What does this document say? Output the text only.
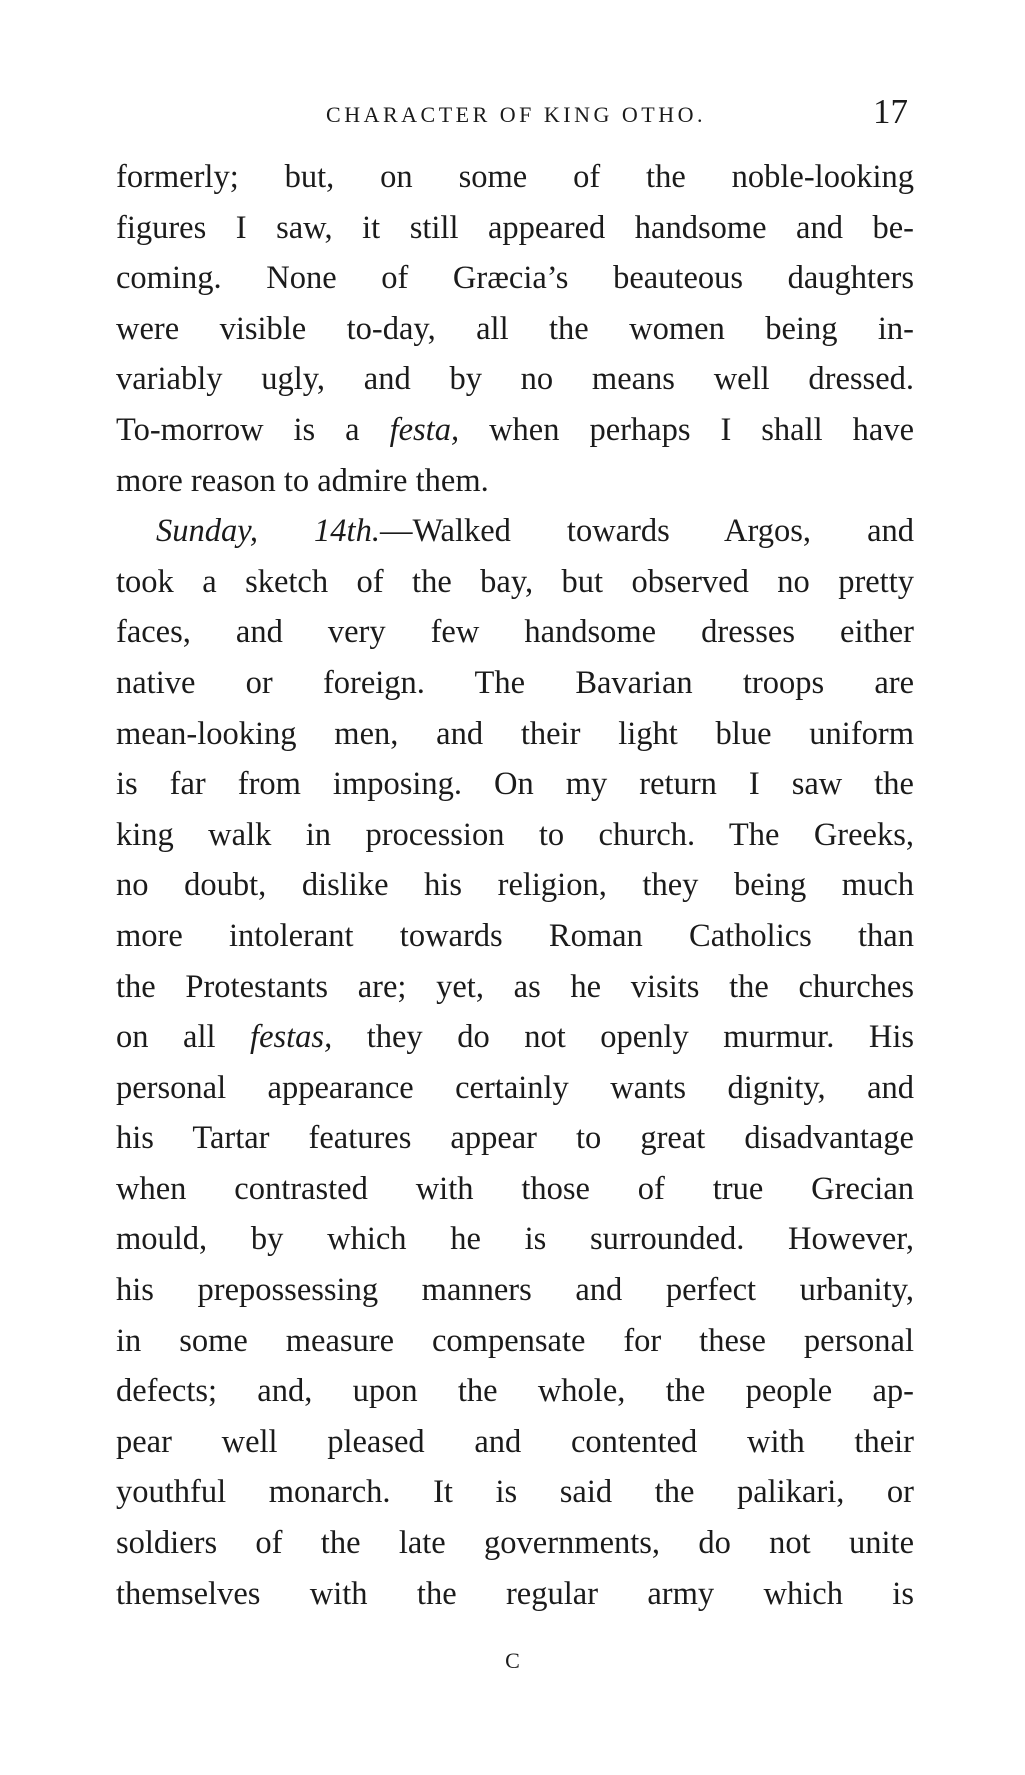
CHARACTER OF KING OTHO.	17
formerly; but, on some of the noble-looking
figures I saw, it still appeared handsome and be-
coming. None of Græcia’s beauteous daughters
were visible to-day, all the women being in-
variably ugly, and by no means well dressed.
To-morrow is a festa, when perhaps I shall have
more reason to admire them.
Sunday, 14th.—Walked towards Argos, and
took a sketch of the bay, but observed no pretty
faces, and very few handsome dresses either
native or foreign. The Bavarian troops are
mean-looking men, and their light blue uniform
is far from imposing. On my return I saw the
king walk in procession to church. The Greeks,
no doubt, dislike his religion, they being much
more intolerant towards Roman Catholics than
the Protestants are; yet, as he visits the churches
on all festas, they do not openly murmur. His
personal appearance certainly wants dignity, and
his Tartar features appear to great disadvantage
when contrasted with those of true Grecian
mould, by which he is surrounded. However,
his prepossessing manners and perfect urbanity,
in some measure compensate for these personal
defects; and, upon the whole, the people ap-
pear well pleased and contented with their
youthful monarch. It is said the palikari, or
soldiers of the late governments, do not unite
themselves with the regular army which is
C
